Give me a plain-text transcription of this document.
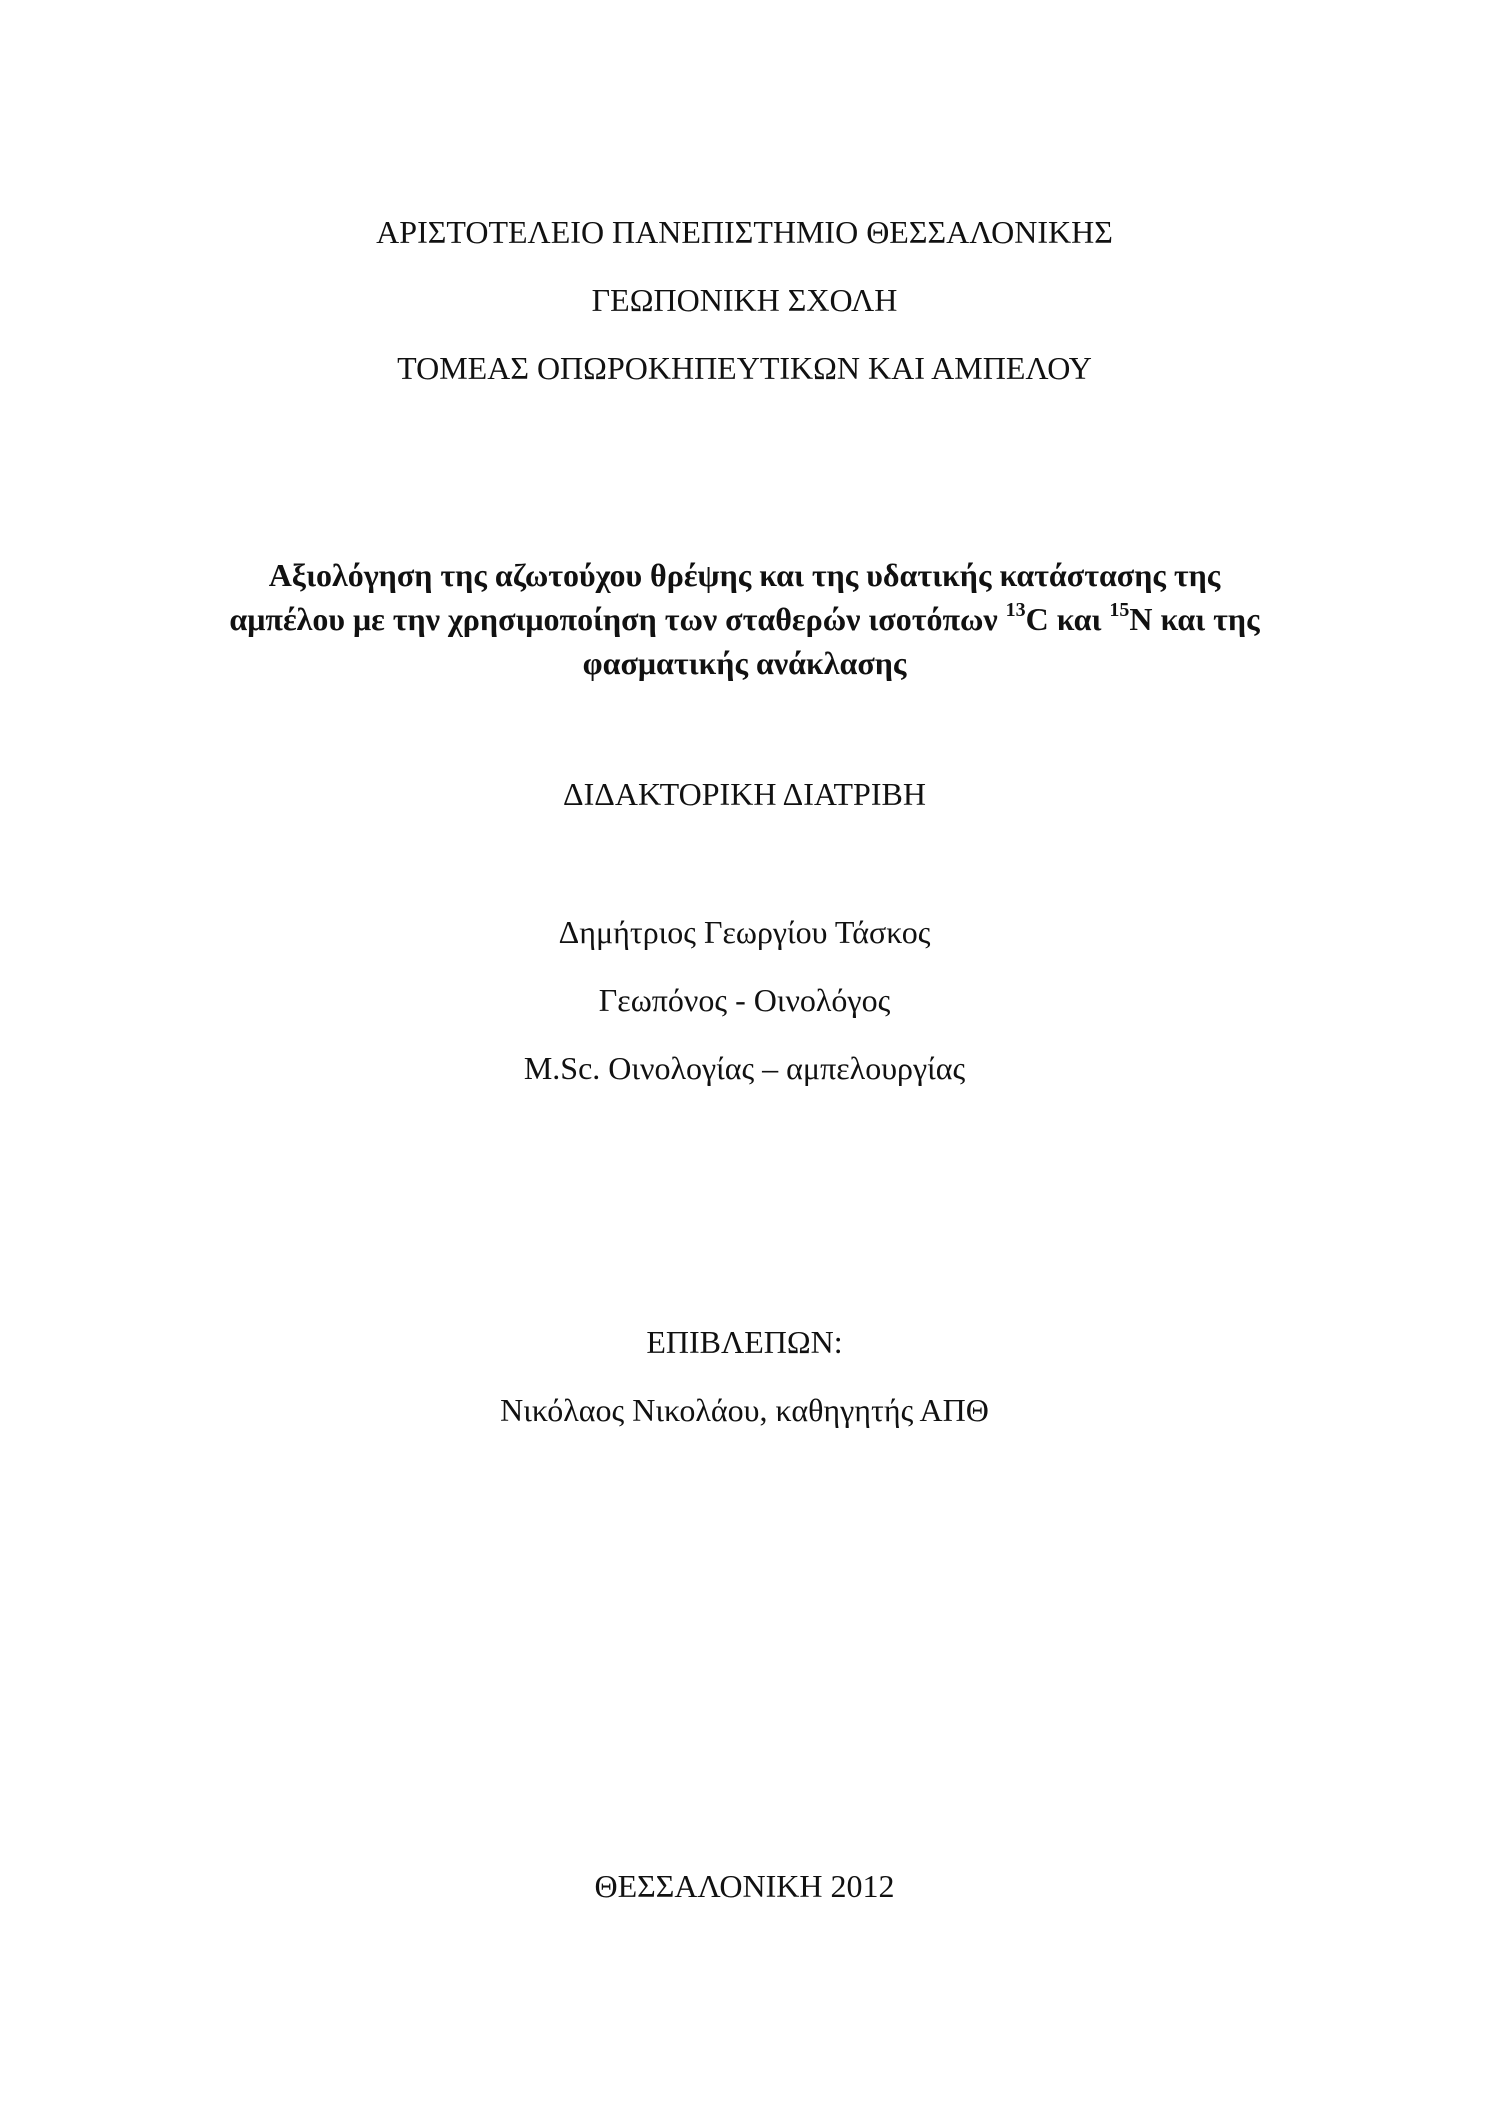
ΑΡΙΣΤΟΤΕΛΕΙΟ ΠΑΝΕΠΙΣΤΗΜΙΟ ΘΕΣΣΑΛΟΝΙΚΗΣ
ΓΕΩΠΟΝΙΚΗ ΣΧΟΛΗ
ΤΟΜΕΑΣ ΟΠΩΡΟΚΗΠΕΥΤΙΚΩΝ ΚΑΙ ΑΜΠΕΛΟΥ
Αξιολόγηση της αζωτούχου θρέψης και της υδατικής κατάστασης της
αμπέλου με την χρησιμοποίηση των σταθερών ισοτόπων $^{13}$C και $^{15}$N και της
φασματικής ανάκλασης
ΔΙΔΑΚΤΟΡΙΚΗ ΔΙΑΤΡΙΒΗ
Δημήτριος Γεωργίου Τάσκος
Γεωπόνος - Οινολόγος
M.Sc. Οινολογίας – αμπελουργίας
ΕΠΙΒΛΕΠΩΝ:
Νικόλαος Νικολάου, καθηγητής ΑΠΘ
ΘΕΣΣΑΛΟΝΙΚΗ 2012
